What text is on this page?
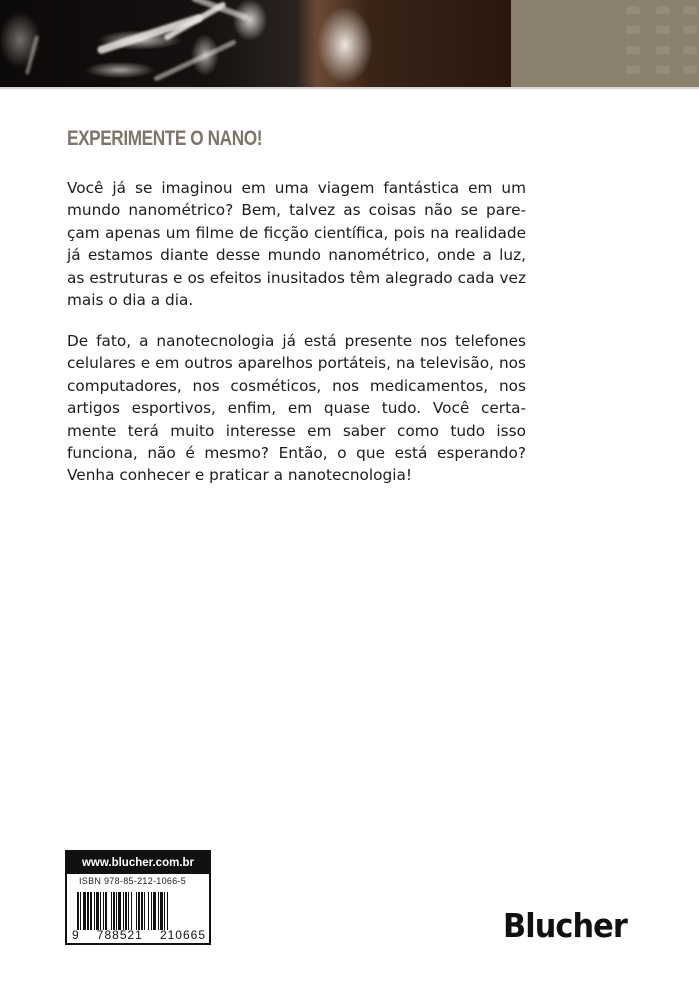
EXPERIMENTE O NANO!

Você já se imaginou em uma viagem fantástica em um mundo nanométrico? Bem, talvez as coisas não se pare-çam apenas um filme de ficção científica, pois na realidade já estamos diante desse mundo nanométrico, onde a luz, as estruturas e os efeitos inusitados têm alegrado cada vez mais o dia a dia.

De fato, a nanotecnologia já está presente nos telefones celulares e em outros aparelhos portáteis, na televisão, nos computadores, nos cosméticos, nos medicamentos, nos artigos esportivos, enfim, em quase tudo. Você certa-mente terá muito interesse em saber como tudo isso funciona, não é mesmo? Então, o que está esperando? Venha conhecer e praticar a nanotecnologia!

www.blucher.com.br
ISBN 978-85-212-1066-5
9 788521 210665	Blucher
